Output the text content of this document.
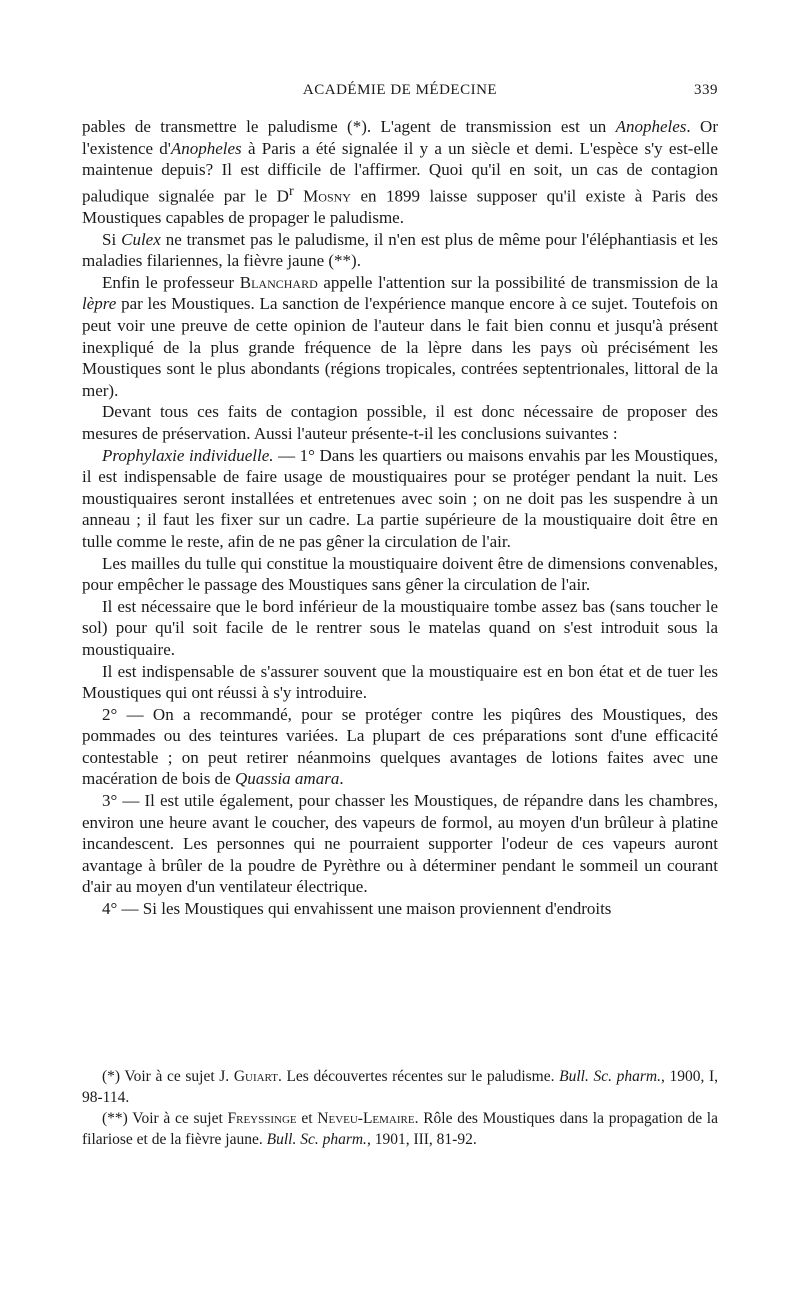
ACADÉMIE DE MÉDECINE	339

pables de transmettre le paludisme (*). L'agent de transmission est un Anopheles. Or l'existence d'Anopheles à Paris a été signalée il y a un siècle et demi. L'espèce s'y est-elle maintenue depuis? Il est difficile de l'affirmer. Quoi qu'il en soit, un cas de contagion paludique signalée par le $D^r$ Mosny en 1899 laisse supposer qu'il existe à Paris des Moustiques capables de propager le paludisme.

Si Culex ne transmet pas le paludisme, il n'en est plus de même pour l'éléphantiasis et les maladies filariennes, la fièvre jaune (**).

Enfin le professeur Blanchard appelle l'attention sur la possibilité de transmission de la lèpre par les Moustiques. La sanction de l'expérience manque encore à ce sujet. Toutefois on peut voir une preuve de cette opinion de l'auteur dans le fait bien connu et jusqu'à présent inexpliqué de la plus grande fréquence de la lèpre dans les pays où précisément les Moustiques sont le plus abondants (régions tropicales, contrées septentrionales, littoral de la mer).

Devant tous ces faits de contagion possible, il est donc nécessaire de proposer des mesures de préservation. Aussi l'auteur présente-t-il les conclusions suivantes :

Prophylaxie individuelle. — 1° Dans les quartiers ou maisons envahis par les Moustiques, il est indispensable de faire usage de moustiquaires pour se protéger pendant la nuit. Les moustiquaires seront installées et entretenues avec soin ; on ne doit pas les suspendre à un anneau ; il faut les fixer sur un cadre. La partie supérieure de la moustiquaire doit être en tulle comme le reste, afin de ne pas gêner la circulation de l'air.

Les mailles du tulle qui constitue la moustiquaire doivent être de dimensions convenables, pour empêcher le passage des Moustiques sans gêner la circulation de l'air.

Il est nécessaire que le bord inférieur de la moustiquaire tombe assez bas (sans toucher le sol) pour qu'il soit facile de le rentrer sous le matelas quand on s'est introduit sous la moustiquaire.

Il est indispensable de s'assurer souvent que la moustiquaire est en bon état et de tuer les Moustiques qui ont réussi à s'y introduire.

2° — On a recommandé, pour se protéger contre les piqûres des Moustiques, des pommades ou des teintures variées. La plupart de ces préparations sont d'une efficacité contestable ; on peut retirer néanmoins quelques avantages de lotions faites avec une macération de bois de Quassia amara.

3° — Il est utile également, pour chasser les Moustiques, de répandre dans les chambres, environ une heure avant le coucher, des vapeurs de formol, au moyen d'un brûleur à platine incandescent. Les personnes qui ne pourraient supporter l'odeur de ces vapeurs auront avantage à brûler de la poudre de Pyrèthre ou à déterminer pendant le sommeil un courant d'air au moyen d'un ventilateur électrique.

4° — Si les Moustiques qui envahissent une maison proviennent d'endroits

(*) Voir à ce sujet J. Guiart. Les découvertes récentes sur le paludisme. Bull. Sc. pharm., 1900, I, 98-114.

(**) Voir à ce sujet Freyssinge et Neveu-Lemaire. Rôle des Moustiques dans la propagation de la filariose et de la fièvre jaune. Bull. Sc. pharm., 1901, III, 81-92.
